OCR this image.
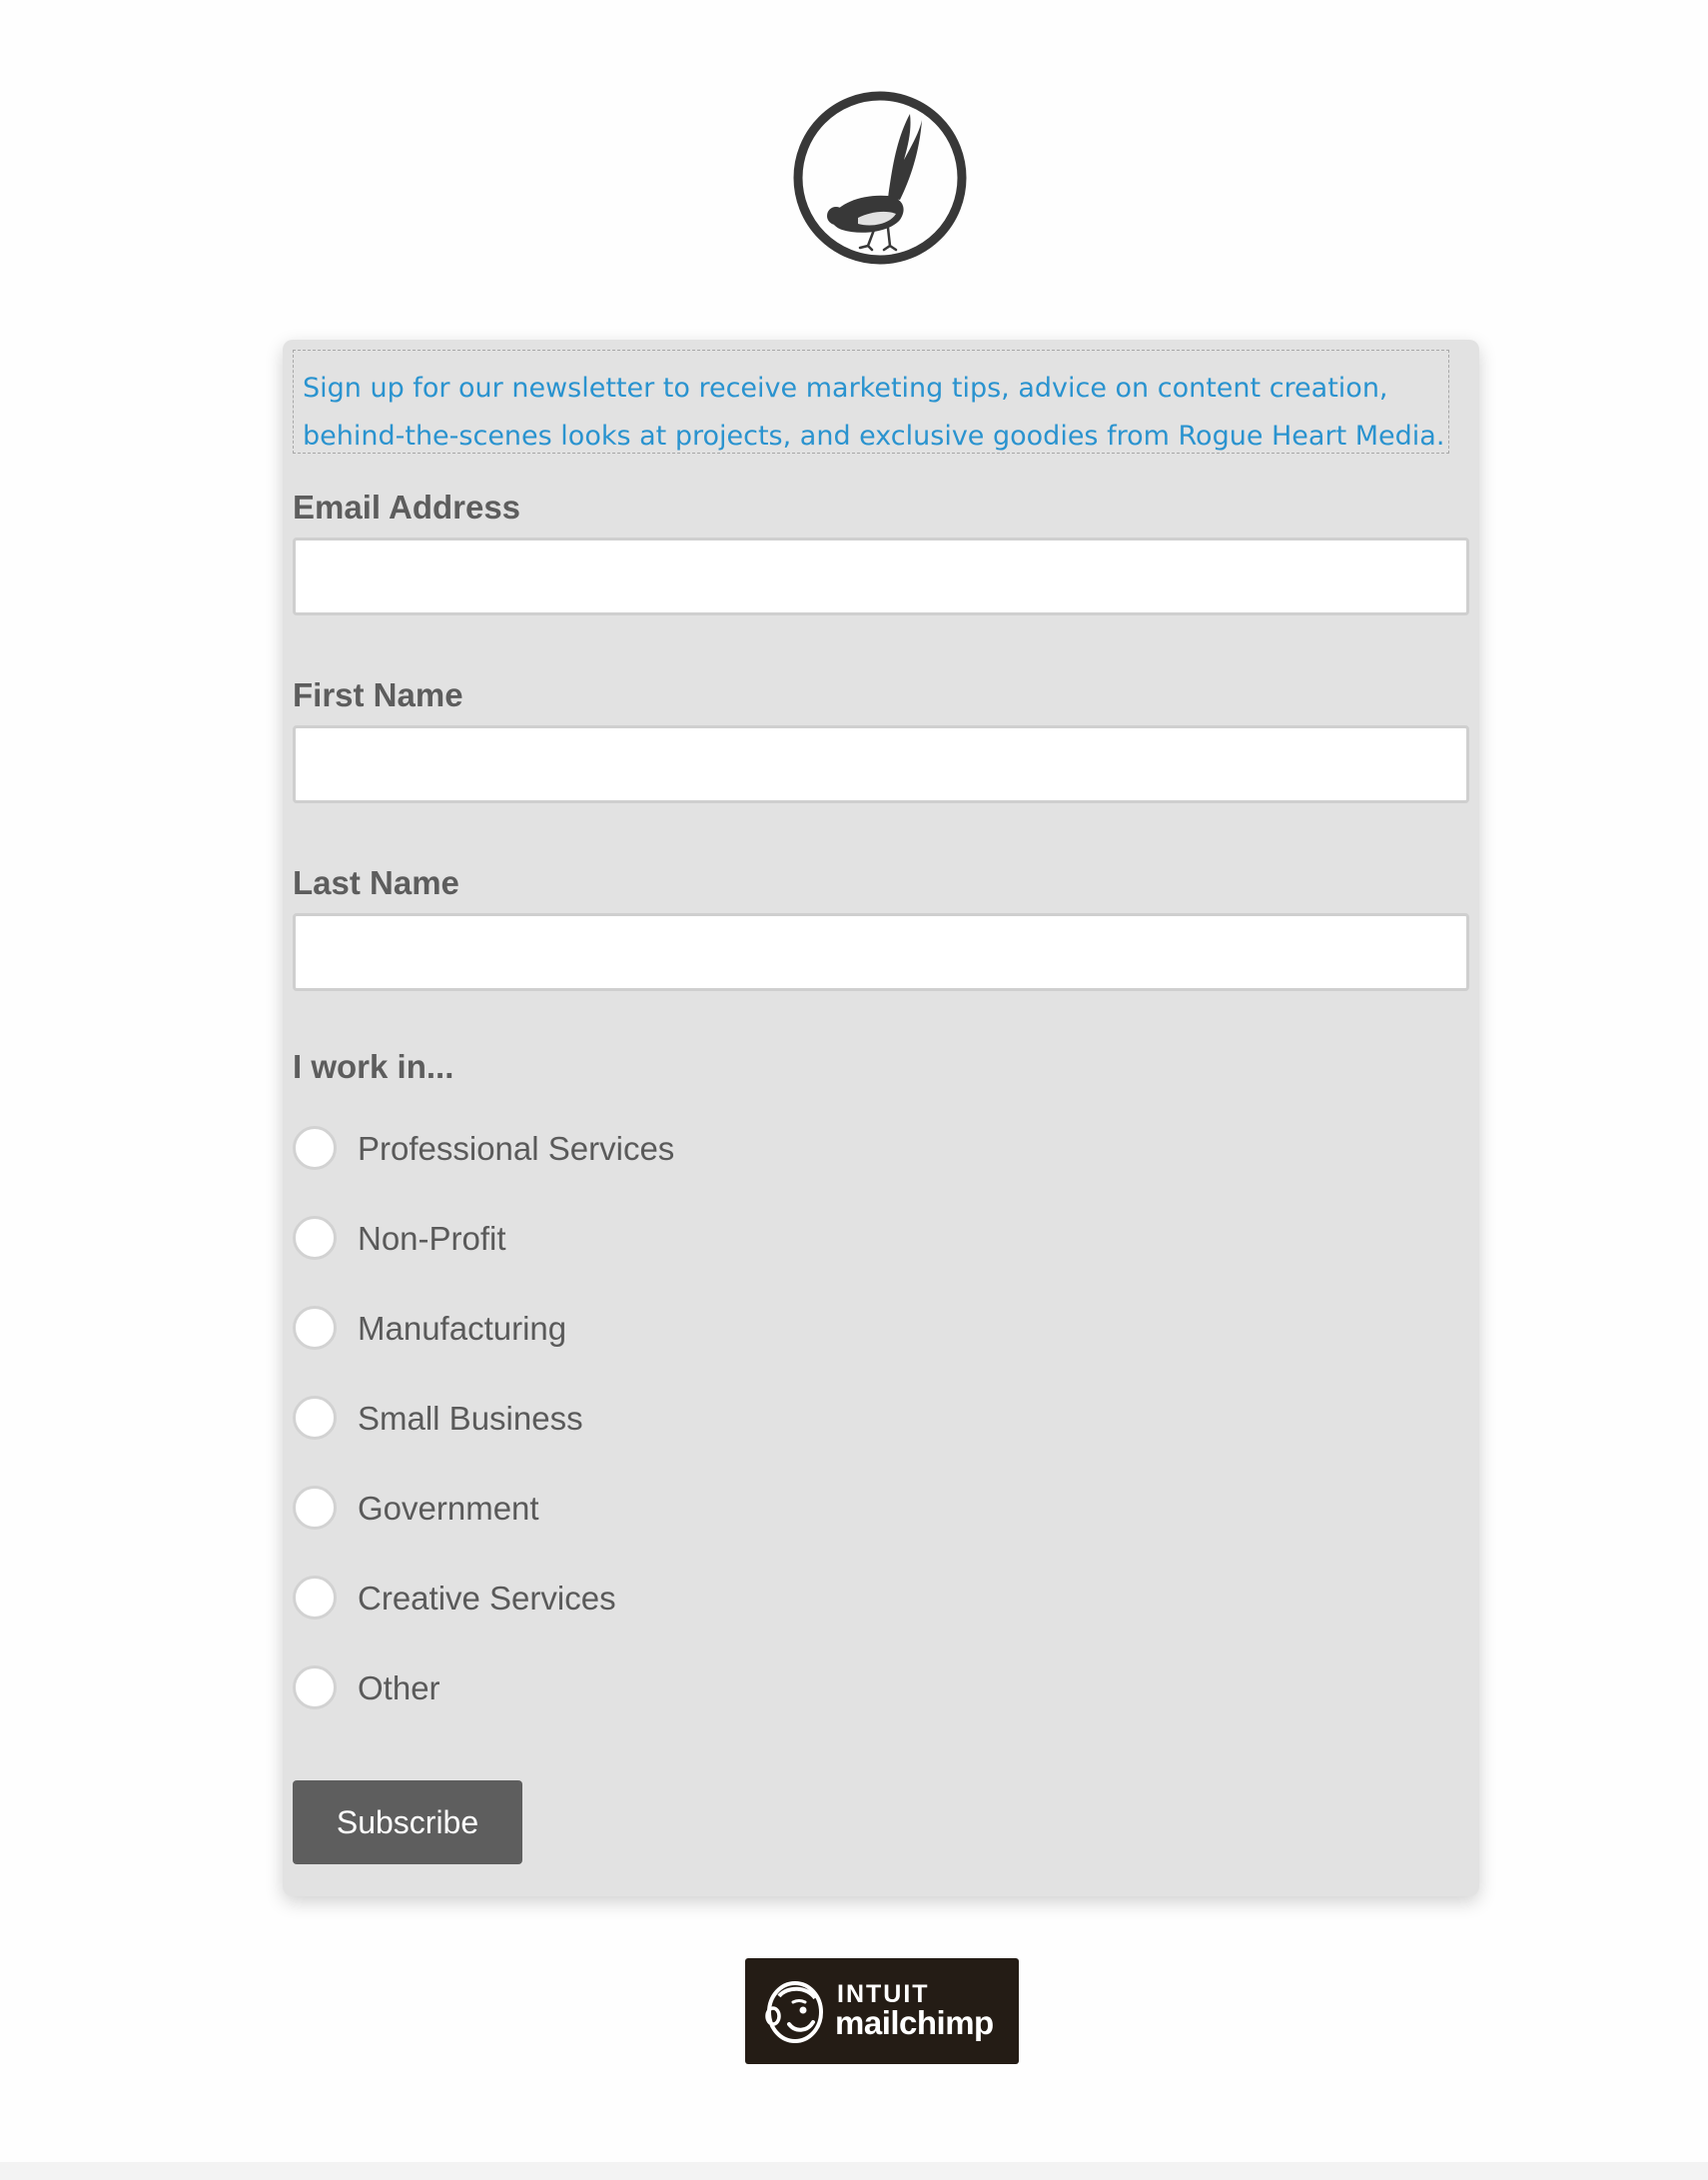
Sign up for our newsletter to receive marketing tips, advice on content creation, behind-the-scenes looks at projects, and exclusive goodies from Rogue Heart Media.
Email Address
First Name
Last Name
I work in...
Professional Services
Non-Profit
Manufacturing
Small Business
Government
Creative Services
Other
Subscribe
INTUIT
mailchimp
